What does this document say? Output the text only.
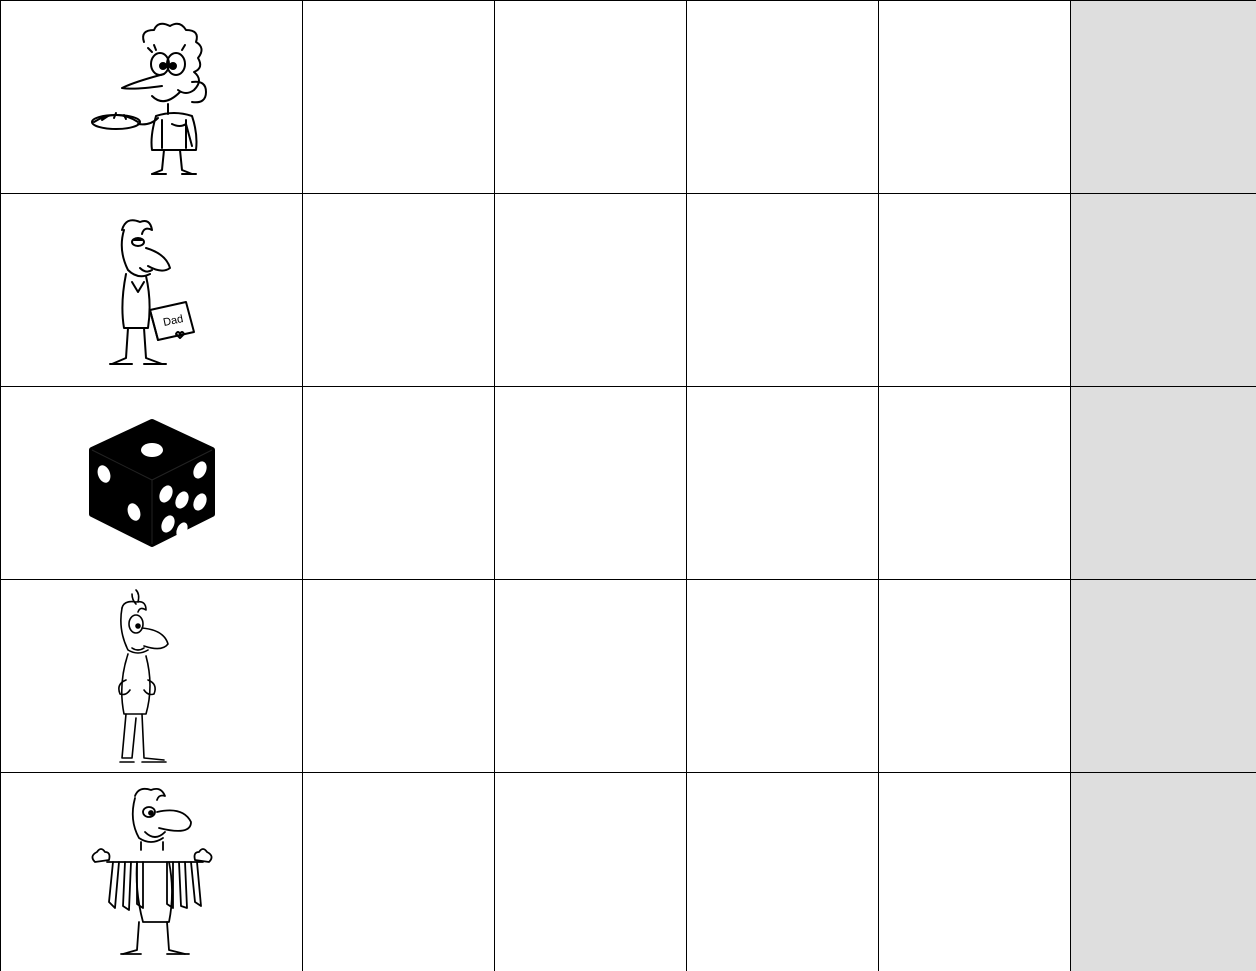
Dad					
